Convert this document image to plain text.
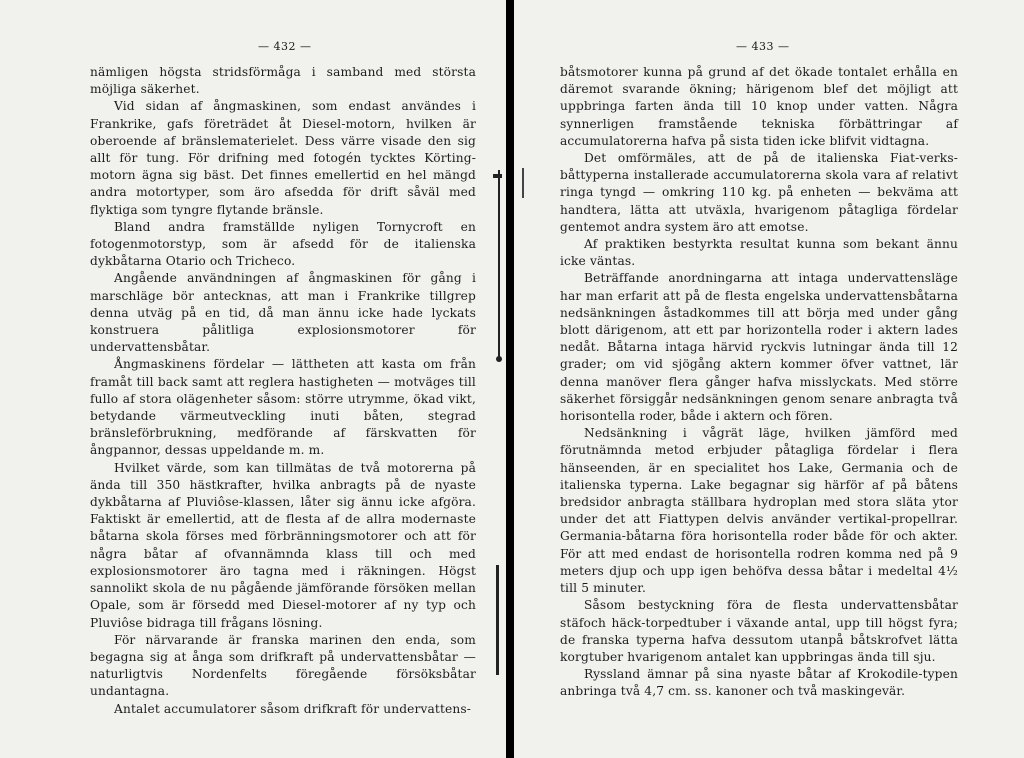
— 432 —

nämligen högsta stridsförmåga i samband med största möjliga säkerhet.

Vid sidan af ångmaskinen, som endast användes i Frankrike, gafs företrädet åt Diesel-motorn, hvilken är oberoende af bränslematerielet. Dess värre visade den sig allt för tung. För drifning med fotogén tycktes Körting-motorn ägna sig bäst. Det finnes emellertid en hel mängd andra motortyper, som äro afsedda för drift såväl med flyktiga som tyngre flytande bränsle.

Bland andra framställde nyligen Tornycroft en fotogenmotorstyp, som är afsedd för de italienska dykbåtarna Otario och Tricheco.

Angående användningen af ångmaskinen för gång i marschläge bör antecknas, att man i Frankrike tillgrep denna utväg på en tid, då man ännu icke hade lyckats konstruera pålitliga explosionsmotorer för undervattensbåtar.

Ångmaskinens fördelar — lättheten att kasta om från framåt till back samt att reglera hastigheten — motväges till fullo af stora olägenheter såsom: större utrymme, ökad vikt, betydande värmeutveckling inuti båten, stegrad bränsleförbrukning, medförande af färskvatten för ångpannor, dessas uppeldande m. m.

Hvilket värde, som kan tillmätas de två motorerna på ända till 350 hästkrafter, hvilka anbragts på de nyaste dykbåtarna af Pluviôse-klassen, låter sig ännu icke afgöra. Faktiskt är emellertid, att de flesta af de allra modernaste båtarna skola förses med förbränningsmotorer och att för några båtar af ofvannämnda klass till och med explosionsmotorer äro tagna med i räkningen. Högst sannolikt skola de nu pågående jämförande försöken mellan Opale, som är försedd med Diesel-motorer af ny typ och Pluviôse bidraga till frågans lösning.

För närvarande är franska marinen den enda, som begagna sig at ånga som drifkraft på undervattensbåtar — naturligtvis Nordenfelts föregående försöksbåtar undantagna.

Antalet accumulatorer såsom drifkraft för undervattens-

— 433 —

båtsmotorer kunna på grund af det ökade tontalet erhålla en däremot svarande ökning; härigenom blef det möjligt att uppbringa farten ända till 10 knop under vatten. Några synnerligen framstående tekniska förbättringar af accumulatorerna hafva på sista tiden icke blifvit vidtagna.

Det omförmäles, att de på de italienska Fiat-verks-båttyperna installerade accumulatorerna skola vara af relativt ringa tyngd — omkring 110 kg. på enheten — bekväma att handtera, lätta att utväxla, hvarigenom påtagliga fördelar gentemot andra system äro att emotse.

Af praktiken bestyrkta resultat kunna som bekant ännu icke väntas.

Beträffande anordningarna att intaga undervattensläge har man erfarit att på de flesta engelska undervattensbåtarna nedsänkningen åstadkommes till att börja med under gång blott därigenom, att ett par horizontella roder i aktern lades nedåt. Båtarna intaga härvid ryckvis lutningar ända till 12 grader; om vid sjögång aktern kommer öfver vattnet, lär denna manöver flera gånger hafva misslyckats. Med större säkerhet försiggår nedsänkningen genom senare anbragta två horisontella roder, både i aktern och fören.

Nedsänkning i vågrät läge, hvilken jämförd med förutnämnda metod erbjuder påtagliga fördelar i flera hänseenden, är en specialitet hos Lake, Germania och de italienska typerna. Lake begagnar sig härför af på båtens bredsidor anbragta ställbara hydroplan med stora släta ytor under det att Fiattypen delvis använder vertikal-propellrar. Germania-båtarna föra horisontella roder både för och akter. För att med endast de horisontella rodren komma ned på 9 meters djup och upp igen behöfva dessa båtar i medeltal 4½ till 5 minuter.

Såsom bestyckning föra de flesta undervattensbåtar stäfoch häck-torpedtuber i växande antal, upp till högst fyra; de franska typerna hafva dessutom utanpå båtskrofvet lätta korgtuber hvarigenom antalet kan uppbringas ända till sju.

Ryssland ämnar på sina nyaste båtar af Krokodile-typen anbringa två 4,7 cm. ss. kanoner och två maskingevär.
